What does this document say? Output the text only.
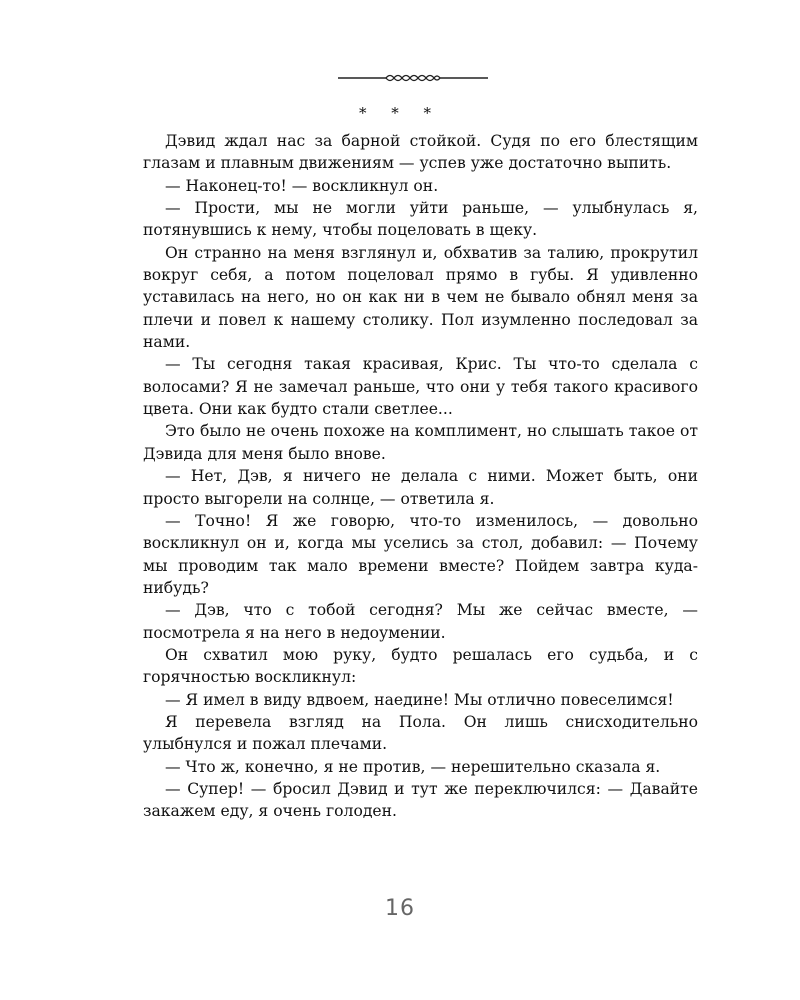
* * *

Дэвид ждал нас за барной стойкой. Судя по его блестящим глазам и плавным движениям — успев уже достаточно выпить.

— Наконец-то! — воскликнул он.

— Прости, мы не могли уйти раньше, — улыбнулась я, потянувшись к нему, чтобы поцеловать в щеку.

Он странно на меня взглянул и, обхватив за талию, прокрутил вокруг себя, а потом поцеловал прямо в губы. Я удивленно уставилась на него, но он как ни в чем не бывало обнял меня за плечи и повел к нашему столику. Пол изумленно последовал за нами.

— Ты сегодня такая красивая, Крис. Ты что-то сделала с волосами? Я не замечал раньше, что они у тебя такого красивого цвета. Они как будто стали светлее...

Это было не очень похоже на комплимент, но слышать такое от Дэвида для меня было вновe.

— Нет, Дэв, я ничего не делала с ними. Может быть, они просто выгорели на солнце, — ответила я.

— Точно! Я же говорю, что-то изменилось, — довольно воскликнул он и, когда мы уселись за стол, добавил: — Почему мы проводим так мало времени вместе? Пойдем завтра кудa-нибудь?

— Дэв, что с тобой сегодня? Мы же сейчас вместе, — посмотрела я на него в недоумении.

Он схватил мою руку, будто решалась его судьба, и с горячностью воскликнул:

— Я имел в виду вдвоем, наедине! Мы отлично повеселимся!

Я перевела взгляд на Пола. Он лишь снисходительно улыбнулся и пожал плечами.

— Что ж, конечно, я не против, — нерешительно сказала я.

— Супер! — бросил Дэвид и тут же переключился: — Давайте закажем еду, я очень голоден.

16
